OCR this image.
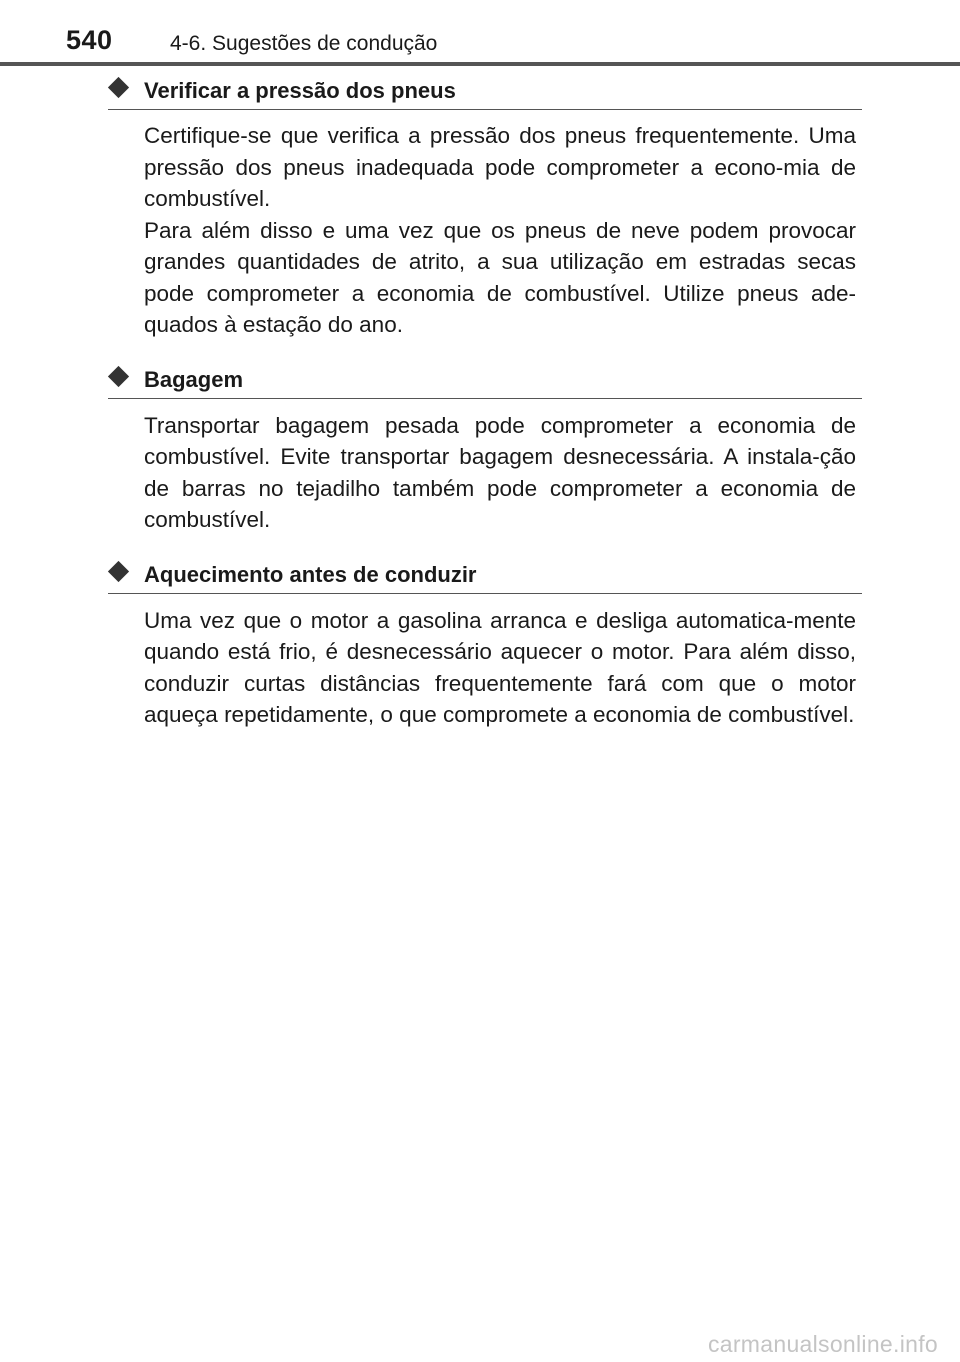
540	4-6. Sugestões de condução
Verificar a pressão dos pneus

Certifique-se que verifica a pressão dos pneus frequentemente. Uma pressão dos pneus inadequada pode comprometer a econo-mia de combustível.

Para além disso e uma vez que os pneus de neve podem provocar grandes quantidades de atrito, a sua utilização em estradas secas pode comprometer a economia de combustível. Utilize pneus ade-quados à estação do ano.

Bagagem

Transportar bagagem pesada pode comprometer a economia de combustível. Evite transportar bagagem desnecessária. A instala-ção de barras no tejadilho também pode comprometer a economia de combustível.

Aquecimento antes de conduzir

Uma vez que o motor a gasolina arranca e desliga automatica-mente quando está frio, é desnecessário aquecer o motor. Para além disso, conduzir curtas distâncias frequentemente fará com que o motor aqueça repetidamente, o que compromete a economia de combustível.

carmanualsonline.info
